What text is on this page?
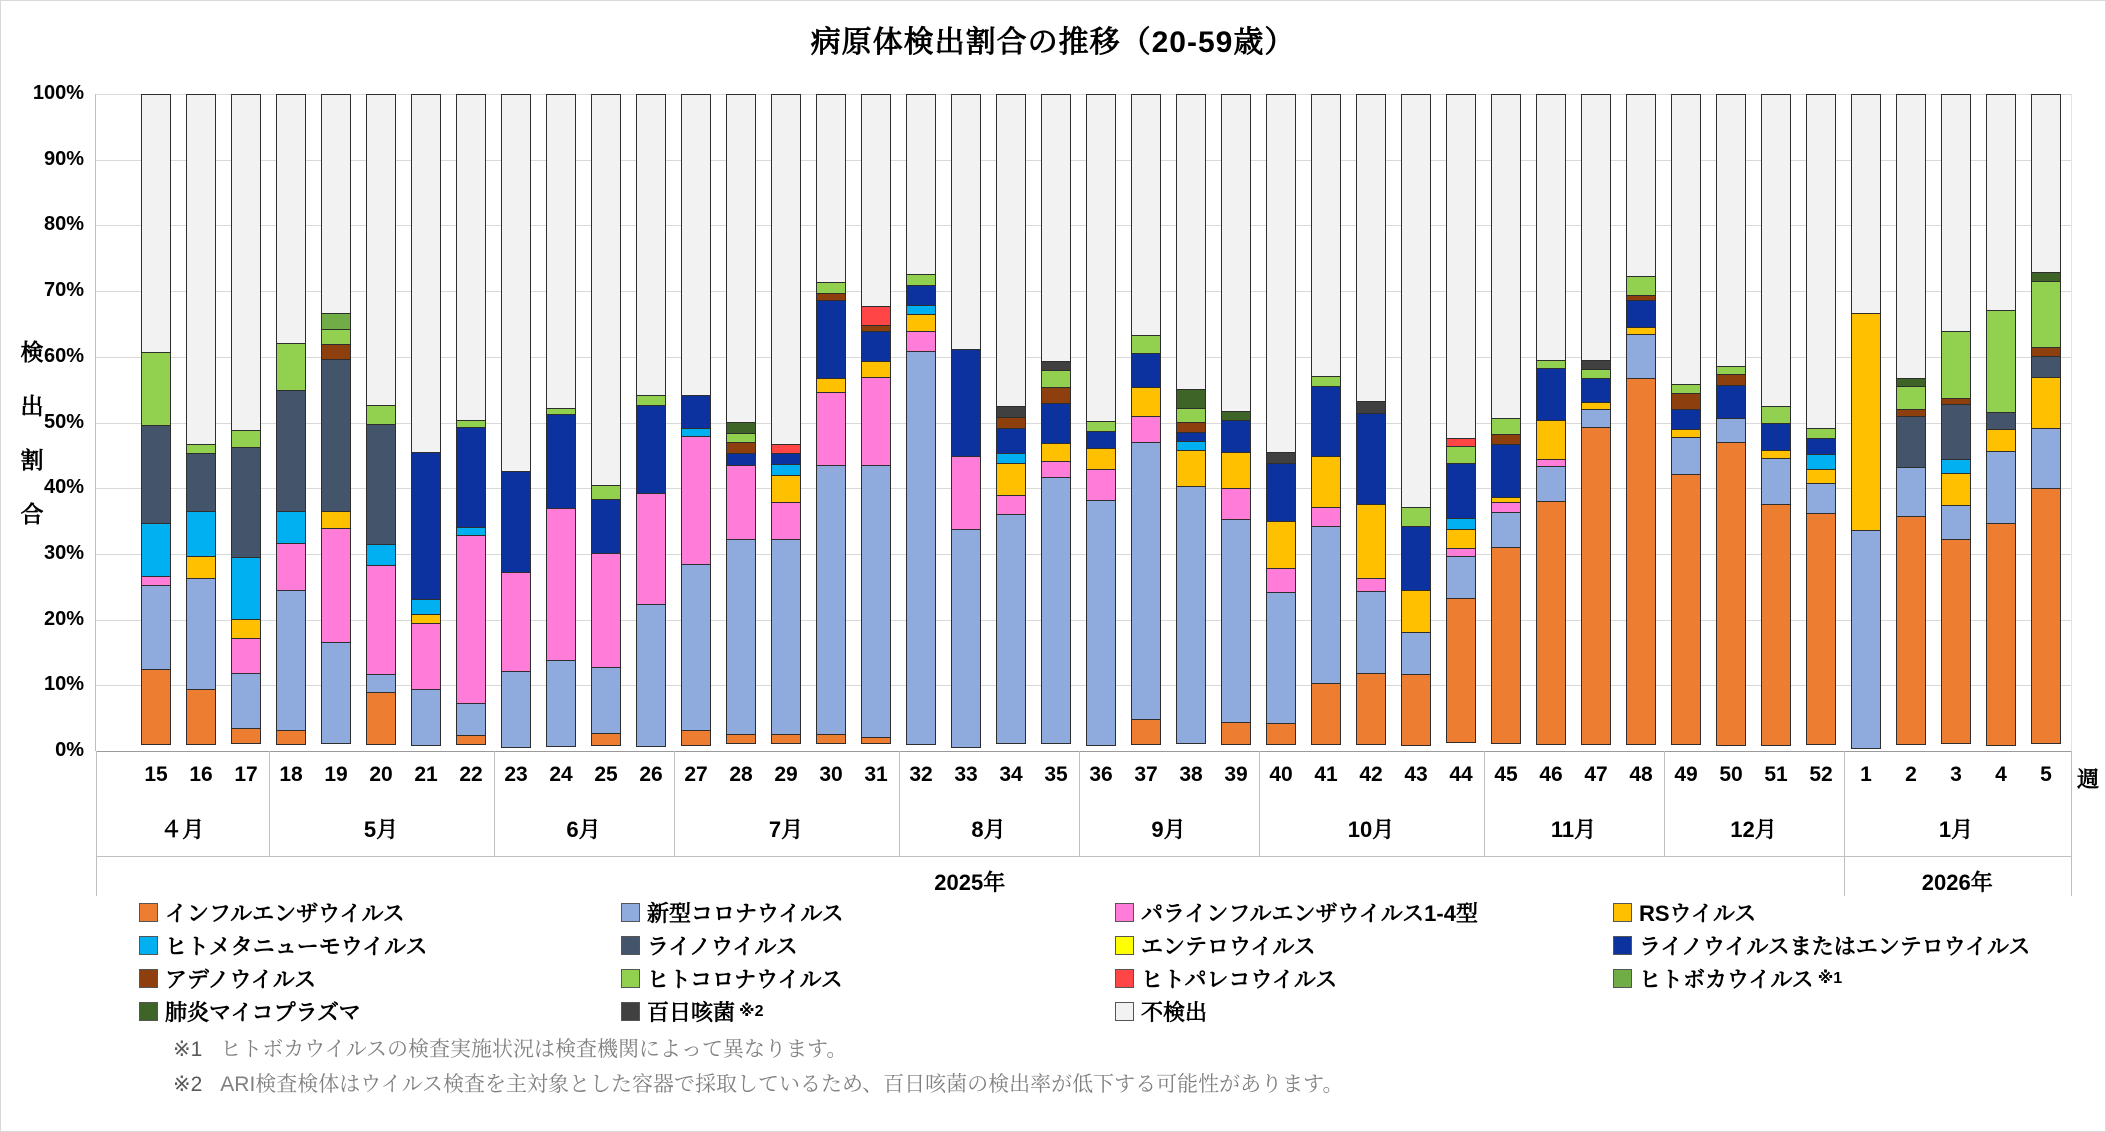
病原体検出割合の推移（20-59歳）
検
出
割
合
100%
90%
80%
70%
60%
50%
40%
30%
20%
10%
0%
15	16	17
４月
18	19	20	21	22
5月
23	24	25	26
6月
27	28	29	30	31
7月
32	33	34	35
8月
36	37	38	39
9月
40	41	42	43	44
10月
45	46	47	48
11月
49	50	51	52
12月
1	2	3	4	5
1月
2025年	2026年
週
インフルエンザウイルス	新型コロナウイルス	パラインフルエンザウイルス1-4型	RSウイルス
ヒトメタニューモウイルス	ライノウイルス	エンテロウイルス	ライノウイルスまたはエンテロウイルス
アデノウイルス	ヒトコロナウイルス	ヒトパレコウイルス	ヒトボカウイルス ※1
肺炎マイコプラズマ	百日咳菌 ※2	不検出
※1 ヒトボカウイルスの検査実施状況は検査機関によって異なります。
※2 ARI検査検体はウイルス検査を主対象とした容器で採取しているため、百日咳菌の検出率が低下する可能性があります。
